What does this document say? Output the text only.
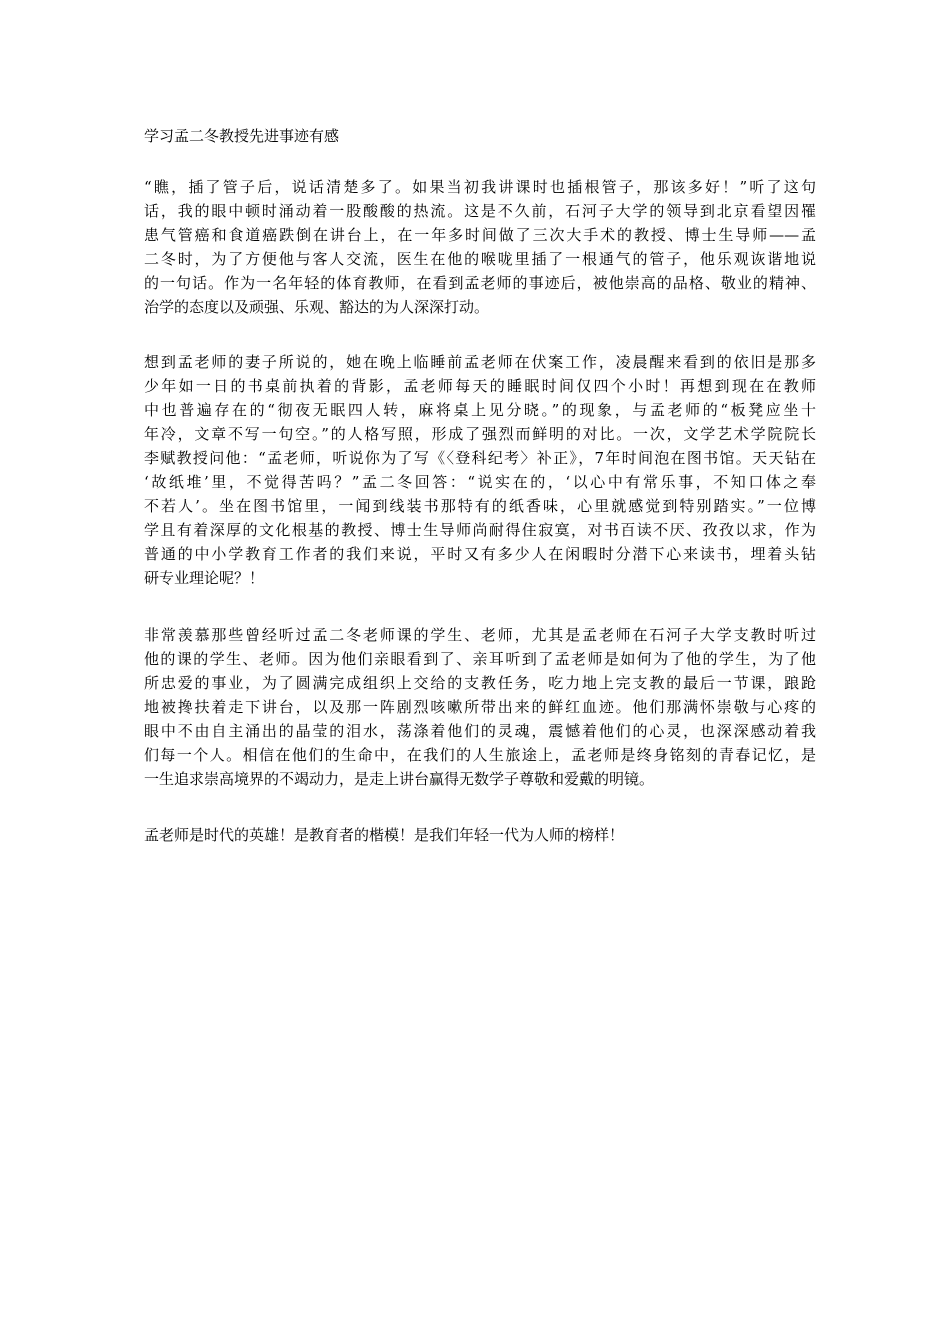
学习孟二冬教授先进事迹有感
“瞧，插了管子后，说话清楚多了。如果当初我讲课时也插根管子，那该多好！”听了这句
话，我的眼中顿时涌动着一股酸酸的热流。这是不久前，石河子大学的领导到北京看望因罹
患气管癌和食道癌跌倒在讲台上，在一年多时间做了三次大手术的教授、博士生导师——孟
二冬时，为了方便他与客人交流，医生在他的喉咙里插了一根通气的管子，他乐观诙谐地说
的一句话。作为一名年轻的体育教师，在看到孟老师的事迹后，被他崇高的品格、敬业的精神、
治学的态度以及顽强、乐观、豁达的为人深深打动。
想到孟老师的妻子所说的，她在晚上临睡前孟老师在伏案工作，凌晨醒来看到的依旧是那多
少年如一日的书桌前执着的背影，孟老师每天的睡眠时间仅四个小时！再想到现在在教师
中也普遍存在的“彻夜无眠四人转，麻将桌上见分晓。”的现象，与孟老师的“板凳应坐十
年冷，文章不写一句空。”的人格写照，形成了强烈而鲜明的对比。一次，文学艺术学院院长
李赋教授问他：“孟老师，听说你为了写《〈登科纪考〉补正》，7年时间泡在图书馆。天天钻在
‘故纸堆’里，不觉得苦吗？”孟二冬回答：“说实在的，‘以心中有常乐事，不知口体之奉
不若人’。坐在图书馆里，一闻到线装书那特有的纸香味，心里就感觉到特别踏实。”一位博
学且有着深厚的文化根基的教授、博士生导师尚耐得住寂寞，对书百读不厌、孜孜以求，作为
普通的中小学教育工作者的我们来说，平时又有多少人在闲暇时分潜下心来读书，埋着头钻
研专业理论呢？！
非常羡慕那些曾经听过孟二冬老师课的学生、老师，尤其是孟老师在石河子大学支教时听过
他的课的学生、老师。因为他们亲眼看到了、亲耳听到了孟老师是如何为了他的学生，为了他
所忠爱的事业，为了圆满完成组织上交给的支教任务，吃力地上完支教的最后一节课，踉跄
地被搀扶着走下讲台，以及那一阵剧烈咳嗽所带出来的鲜红血迹。他们那满怀崇敬与心疼的
眼中不由自主涌出的晶莹的泪水，荡涤着他们的灵魂，震憾着他们的心灵，也深深感动着我
们每一个人。相信在他们的生命中，在我们的人生旅途上，孟老师是终身铭刻的青春记忆，是
一生追求崇高境界的不竭动力，是走上讲台赢得无数学子尊敬和爱戴的明镜。
孟老师是时代的英雄！是教育者的楷模！是我们年轻一代为人师的榜样！
